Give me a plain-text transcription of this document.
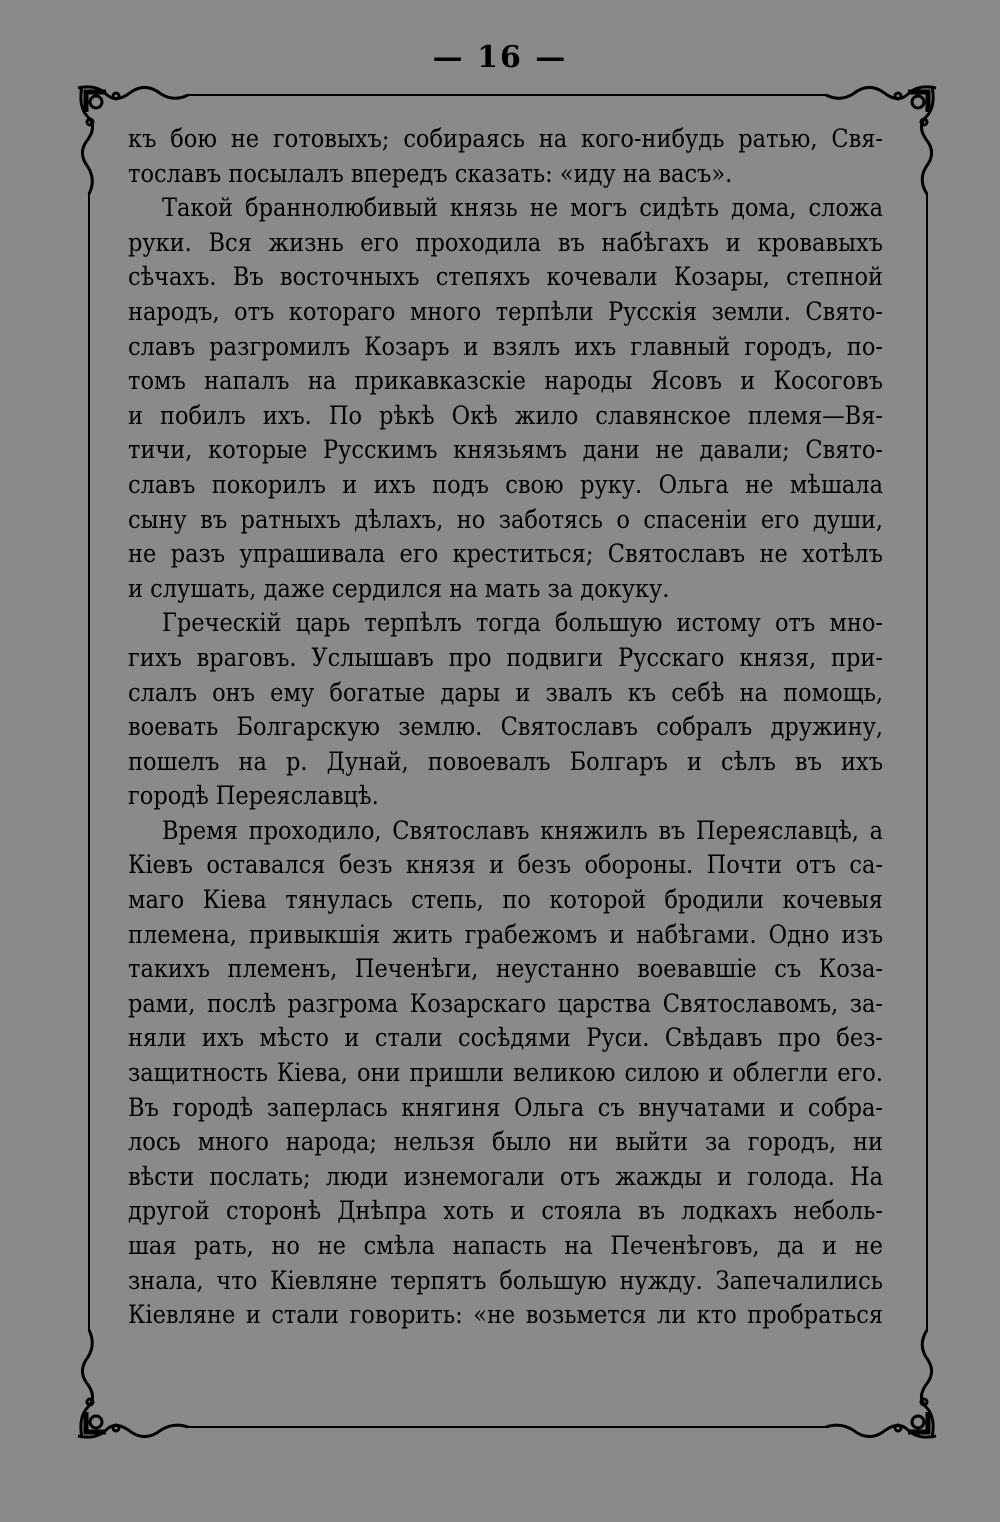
— 16 —
къ бою не готовыхъ; собираясь на кого-нибудь ратью, Свя-
тославъ посылалъ впередъ сказать: «иду на васъ».
Такой браннолюбивый князь не могъ сидѣть дома, сложа
руки. Вся жизнь его проходила въ набѣгахъ и кровавыхъ
сѣчахъ. Въ восточныхъ степяхъ кочевали Козары, степной
народъ, отъ котораго много терпѣли Русскія земли. Свято-
славъ разгромилъ Козаръ и взялъ ихъ главный городъ, по-
томъ напалъ на прикавказскіе народы Ясовъ и Косоговъ
и побилъ ихъ. По рѣкѣ Окѣ жило славянское племя—Вя-
тичи, которые Русскимъ князьямъ дани не давали; Свято-
славъ покорилъ и ихъ подъ свою руку. Ольга не мѣшала
сыну въ ратныхъ дѣлахъ, но заботясь о спасеніи его души,
не разъ упрашивала его креститься; Святославъ не хотѣлъ
и слушать, даже сердился на мать за докуку.
Греческій царь терпѣлъ тогда большую истому отъ мно-
гихъ враговъ. Услышавъ про подвиги Русскаго князя, при-
слалъ онъ ему богатые дары и звалъ къ себѣ на помощь,
воевать Болгарскую землю. Святославъ собралъ дружину,
пошелъ на р. Дунай, повоевалъ Болгаръ и сѣлъ въ ихъ
городѣ Переяславцѣ.
Время проходило, Святославъ княжилъ въ Переяславцѣ, а
Кіевъ оставался безъ князя и безъ обороны. Почти отъ са-
маго Кіева тянулась степь, по которой бродили кочевыя
племена, привыкшія жить грабежомъ и набѣгами. Одно изъ
такихъ племенъ, Печенѣги, неустанно воевавшіе съ Коза-
рами, послѣ разгрома Козарскаго царства Святославомъ, за-
няли ихъ мѣсто и стали сосѣдями Руси. Свѣдавъ про без-
защитность Кіева, они пришли великою силою и облегли его.
Въ городѣ заперлась княгиня Ольга съ внучатами и собра-
лось много народа; нельзя было ни выйти за городъ, ни
вѣсти послать; люди изнемогали отъ жажды и голода. На
другой сторонѣ Днѣпра хоть и стояла въ лодкахъ неболь-
шая рать, но не смѣла напасть на Печенѣговъ, да и не
знала, что Кіевляне терпятъ большую нужду. Запечалились
Кіевляне и стали говорить: «не возьмется ли кто пробраться
